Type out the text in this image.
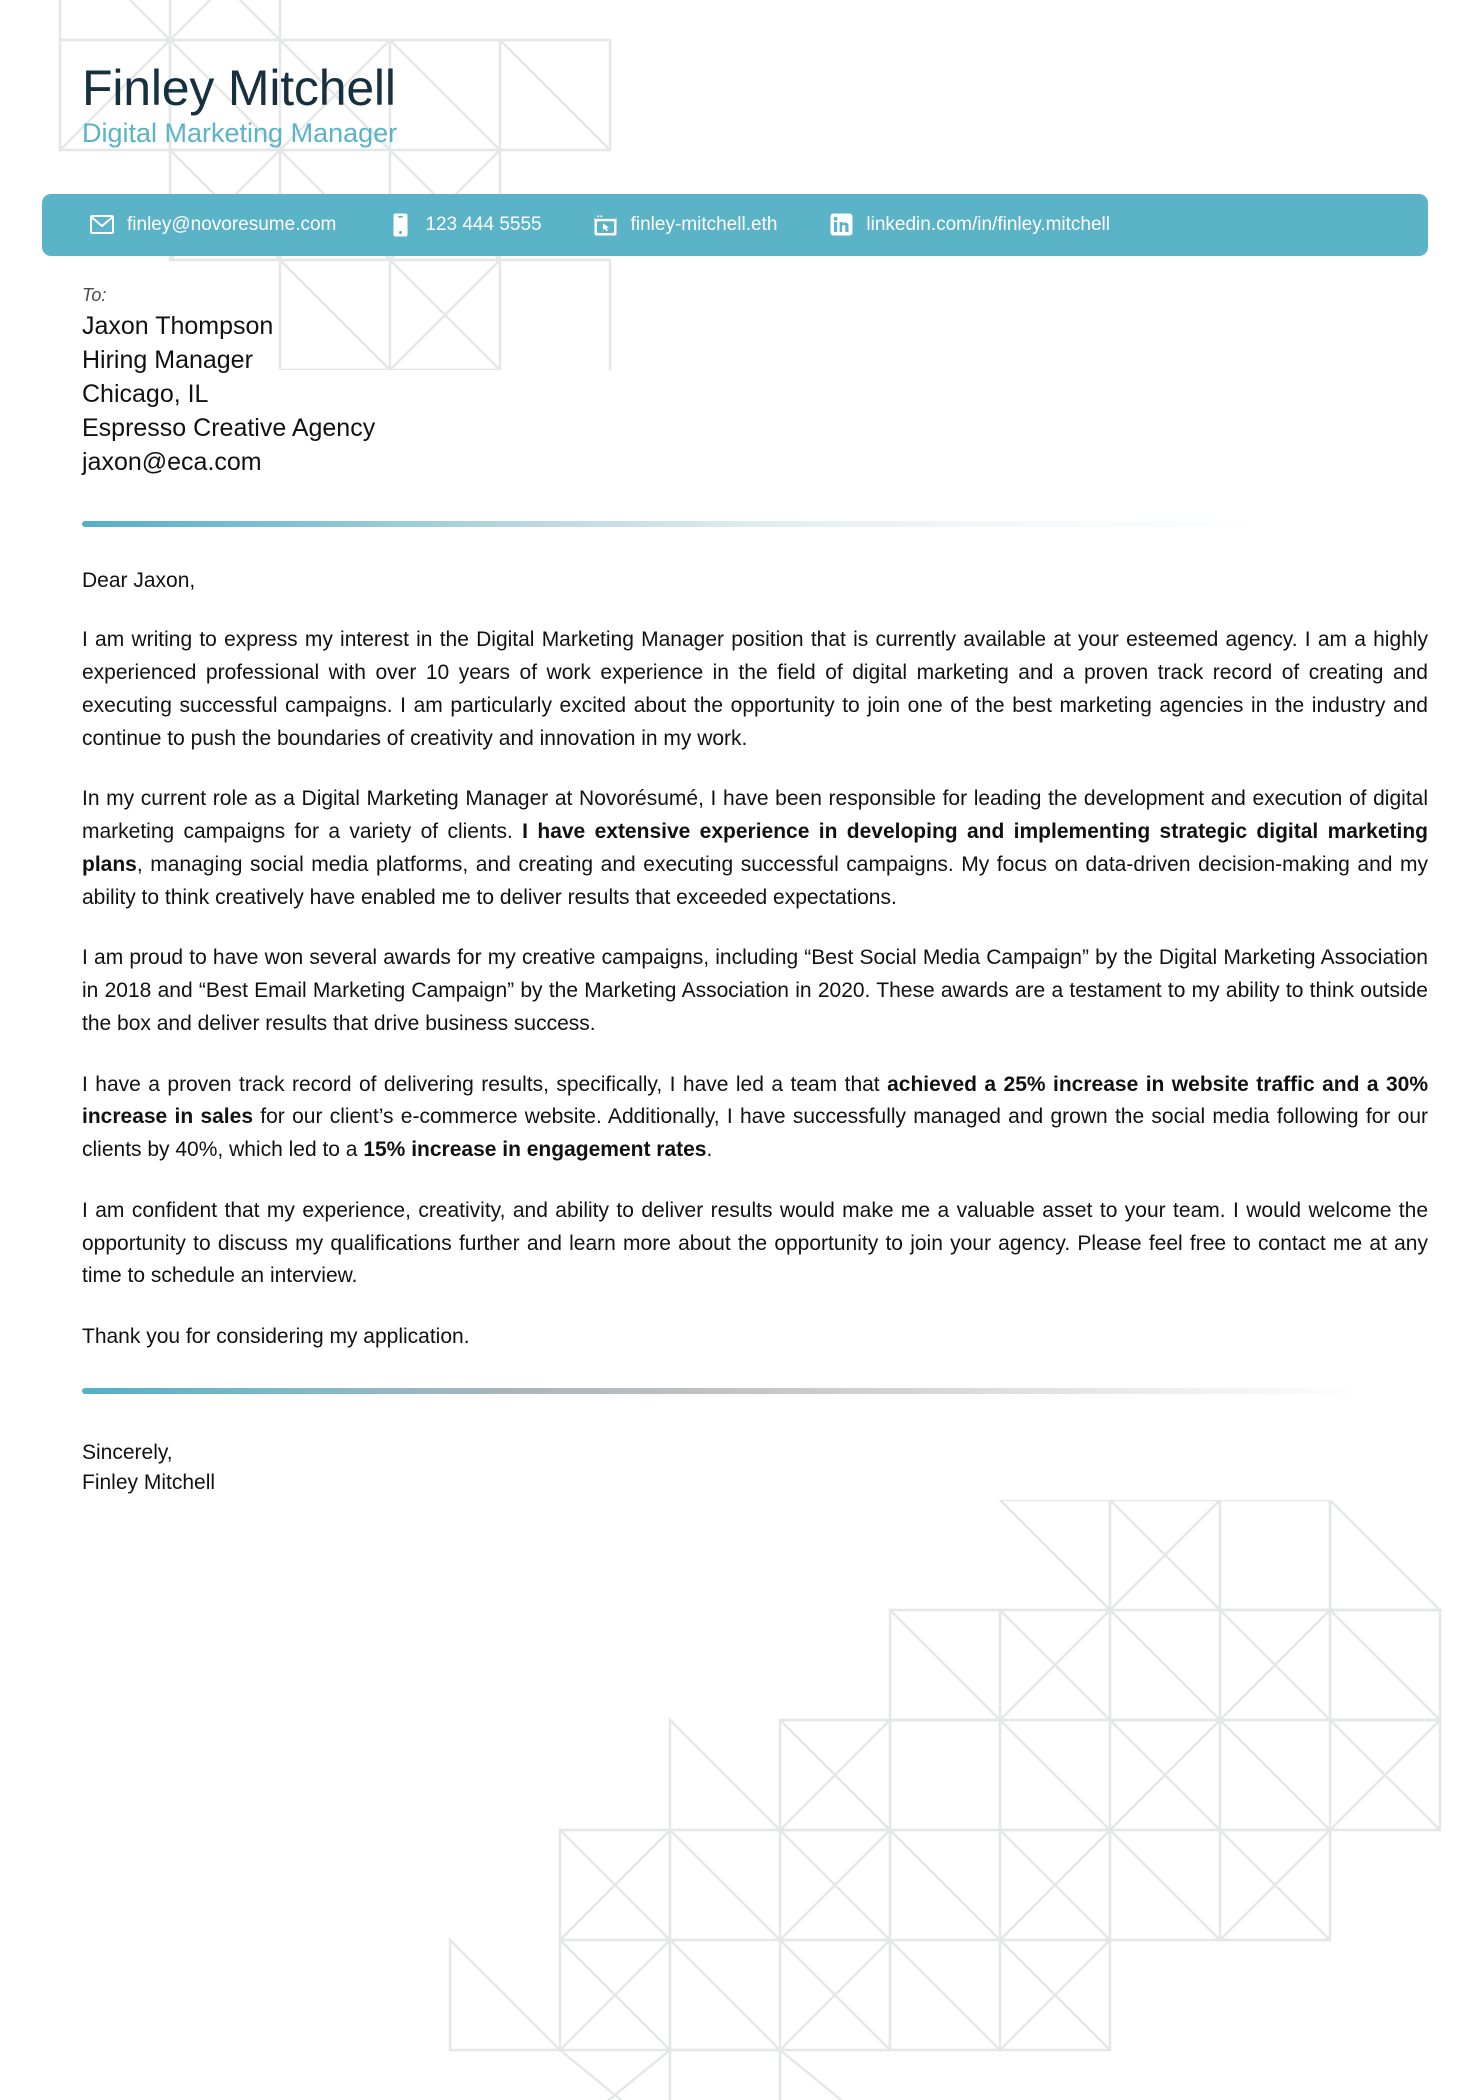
Finley Mitchell
Digital Marketing Manager
finley@novoresume.com	123 444 5555	finley-mitchell.eth	linkedin.com/in/finley.mitchell
To:
Jaxon Thompson
Hiring Manager
Chicago, IL
Espresso Creative Agency
jaxon@eca.com
Dear Jaxon,

I am writing to express my interest in the Digital Marketing Manager position that is currently available at your esteemed agency. I am a highly experienced professional with over 10 years of work experience in the field of digital marketing and a proven track record of creating and executing successful campaigns. I am particularly excited about the opportunity to join one of the best marketing agencies in the industry and continue to push the boundaries of creativity and innovation in my work.

In my current role as a Digital Marketing Manager at Novorésumé, I have been responsible for leading the development and execution of digital marketing campaigns for a variety of clients. I have extensive experience in developing and implementing strategic digital marketing plans, managing social media platforms, and creating and executing successful campaigns. My focus on data-driven decision-making and my ability to think creatively have enabled me to deliver results that exceeded expectations.

I am proud to have won several awards for my creative campaigns, including “Best Social Media Campaign” by the Digital Marketing Association in 2018 and “Best Email Marketing Campaign” by the Marketing Association in 2020. These awards are a testament to my ability to think outside the box and deliver results that drive business success.

I have a proven track record of delivering results, specifically, I have led a team that achieved a 25% increase in website traffic and a 30% increase in sales for our client’s e-commerce website. Additionally, I have successfully managed and grown the social media following for our clients by 40%, which led to a 15% increase in engagement rates.

I am confident that my experience, creativity, and ability to deliver results would make me a valuable asset to your team. I would welcome the opportunity to discuss my qualifications further and learn more about the opportunity to join your agency. Please feel free to contact me at any time to schedule an interview.

Thank you for considering my application.

Sincerely,
Finley Mitchell
